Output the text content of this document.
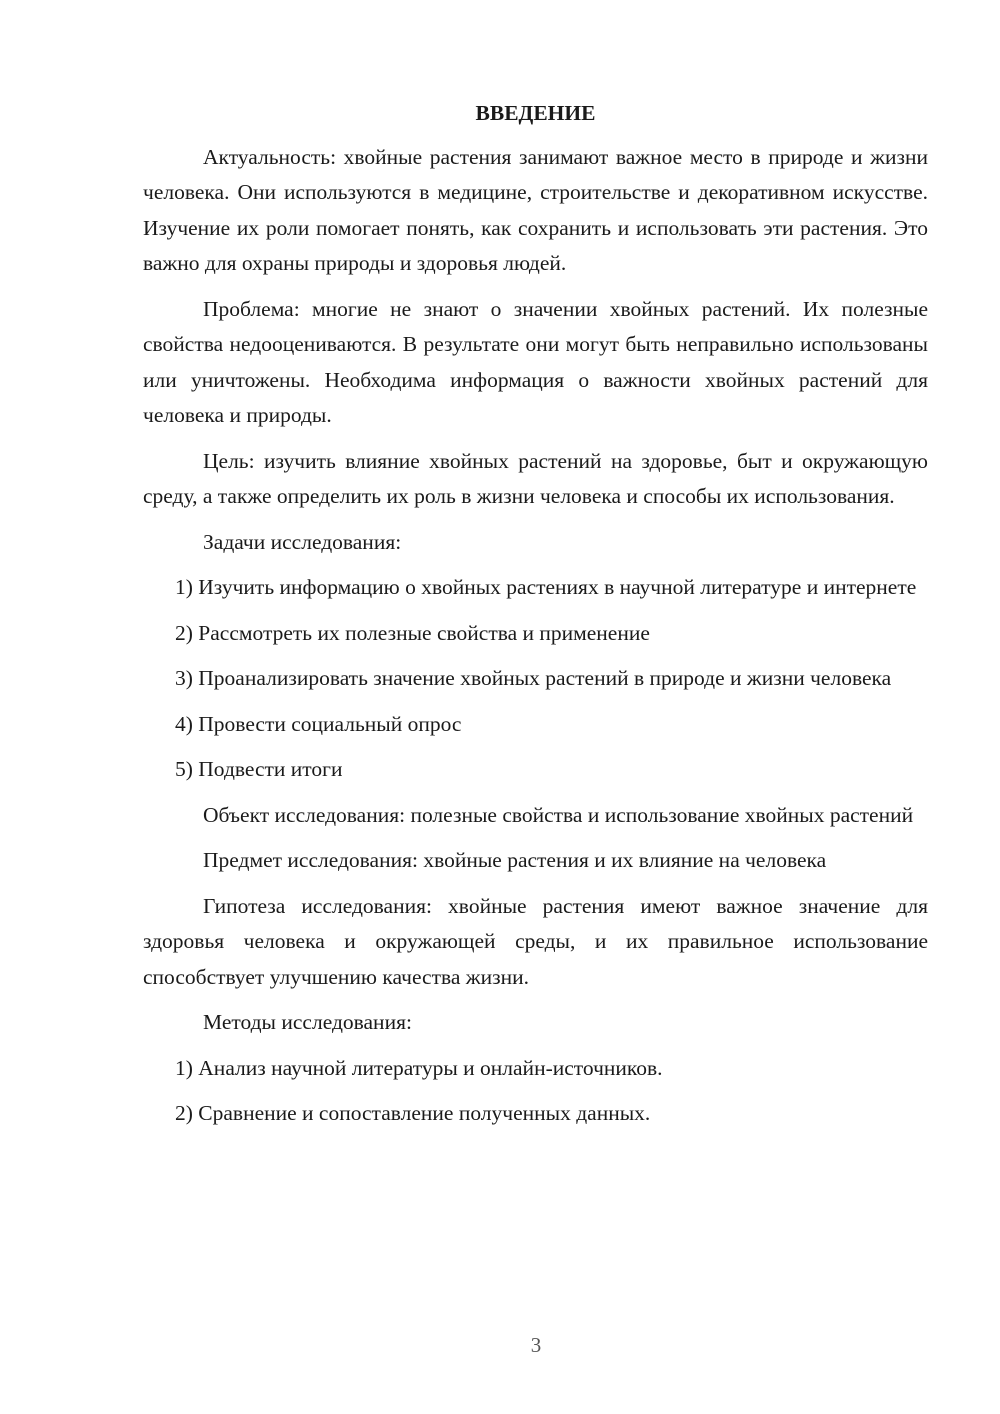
ВВЕДЕНИЕ

Актуальность: хвойные растения занимают важное место в природе и жизни человека. Они используются в медицине, строительстве и декоративном искусстве. Изучение их роли помогает понять, как сохранить и использовать эти растения. Это важно для охраны природы и здоровья людей.

Проблема: многие не знают о значении хвойных растений. Их полезные свойства недооцениваются. В результате они могут быть неправильно использованы или уничтожены. Необходима информация о важности хвойных растений для человека и природы.

Цель: изучить влияние хвойных растений на здоровье, быт и окружающую среду, а также определить их роль в жизни человека и способы их использования.

Задачи исследования:

1) Изучить информацию о хвойных растениях в научной литературе и интернете

2) Рассмотреть их полезные свойства и применение

3) Проанализировать значение хвойных растений в природе и жизни человека

4) Провести социальный опрос

5) Подвести итоги

Объект исследования: полезные свойства и использование хвойных растений

Предмет исследования: хвойные растения и их влияние на человека

Гипотеза исследования: хвойные растения имеют важное значение для здоровья человека и окружающей среды, и их правильное использование способствует улучшению качества жизни.

Методы исследования:

1) Анализ научной литературы и онлайн-источников.

2) Сравнение и сопоставление полученных данных.

3
